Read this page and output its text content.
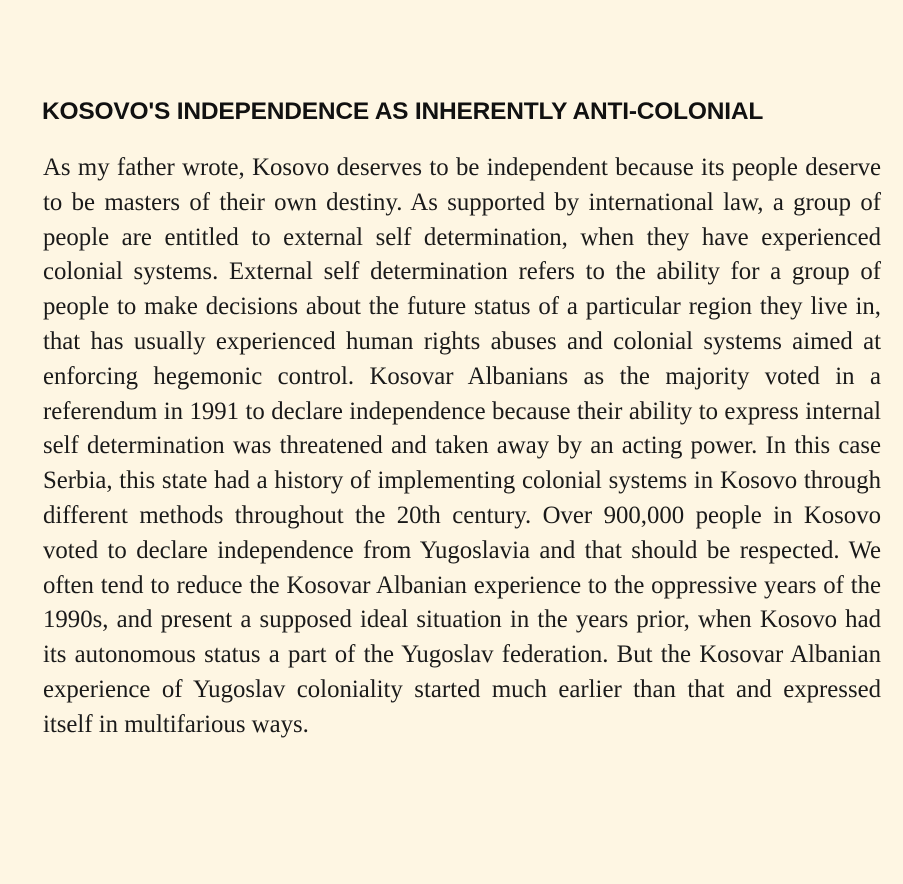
KOSOVO'S INDEPENDENCE AS INHERENTLY ANTI-COLONIAL

As my father wrote, Kosovo deserves to be independent because its people deserve to be masters of their own destiny. As supported by international law, a group of people are entitled to external self determination, when they have experienced colonial systems. External self determination refers to the ability for a group of people to make decisions about the future status of a particular region they live in, that has usually experienced human rights abuses and colonial systems aimed at enforcing hegemonic control. Kosovar Albanians as the majority voted in a referendum in 1991 to declare independence because their ability to express internal self determination was threatened and taken away by an acting power. In this case Serbia, this state had a history of implementing colonial systems in Kosovo through different methods throughout the 20th century. Over 900,000 people in Kosovo voted to declare independence from Yugoslavia and that should be respected. We often tend to reduce the Kosovar Albanian experience to the oppressive years of the 1990s, and present a supposed ideal situation in the years prior, when Kosovo had its autonomous status a part of the Yugoslav federation. But the Kosovar Albanian experience of Yugoslav coloniality started much earlier than that and expressed itself in multifarious ways.
